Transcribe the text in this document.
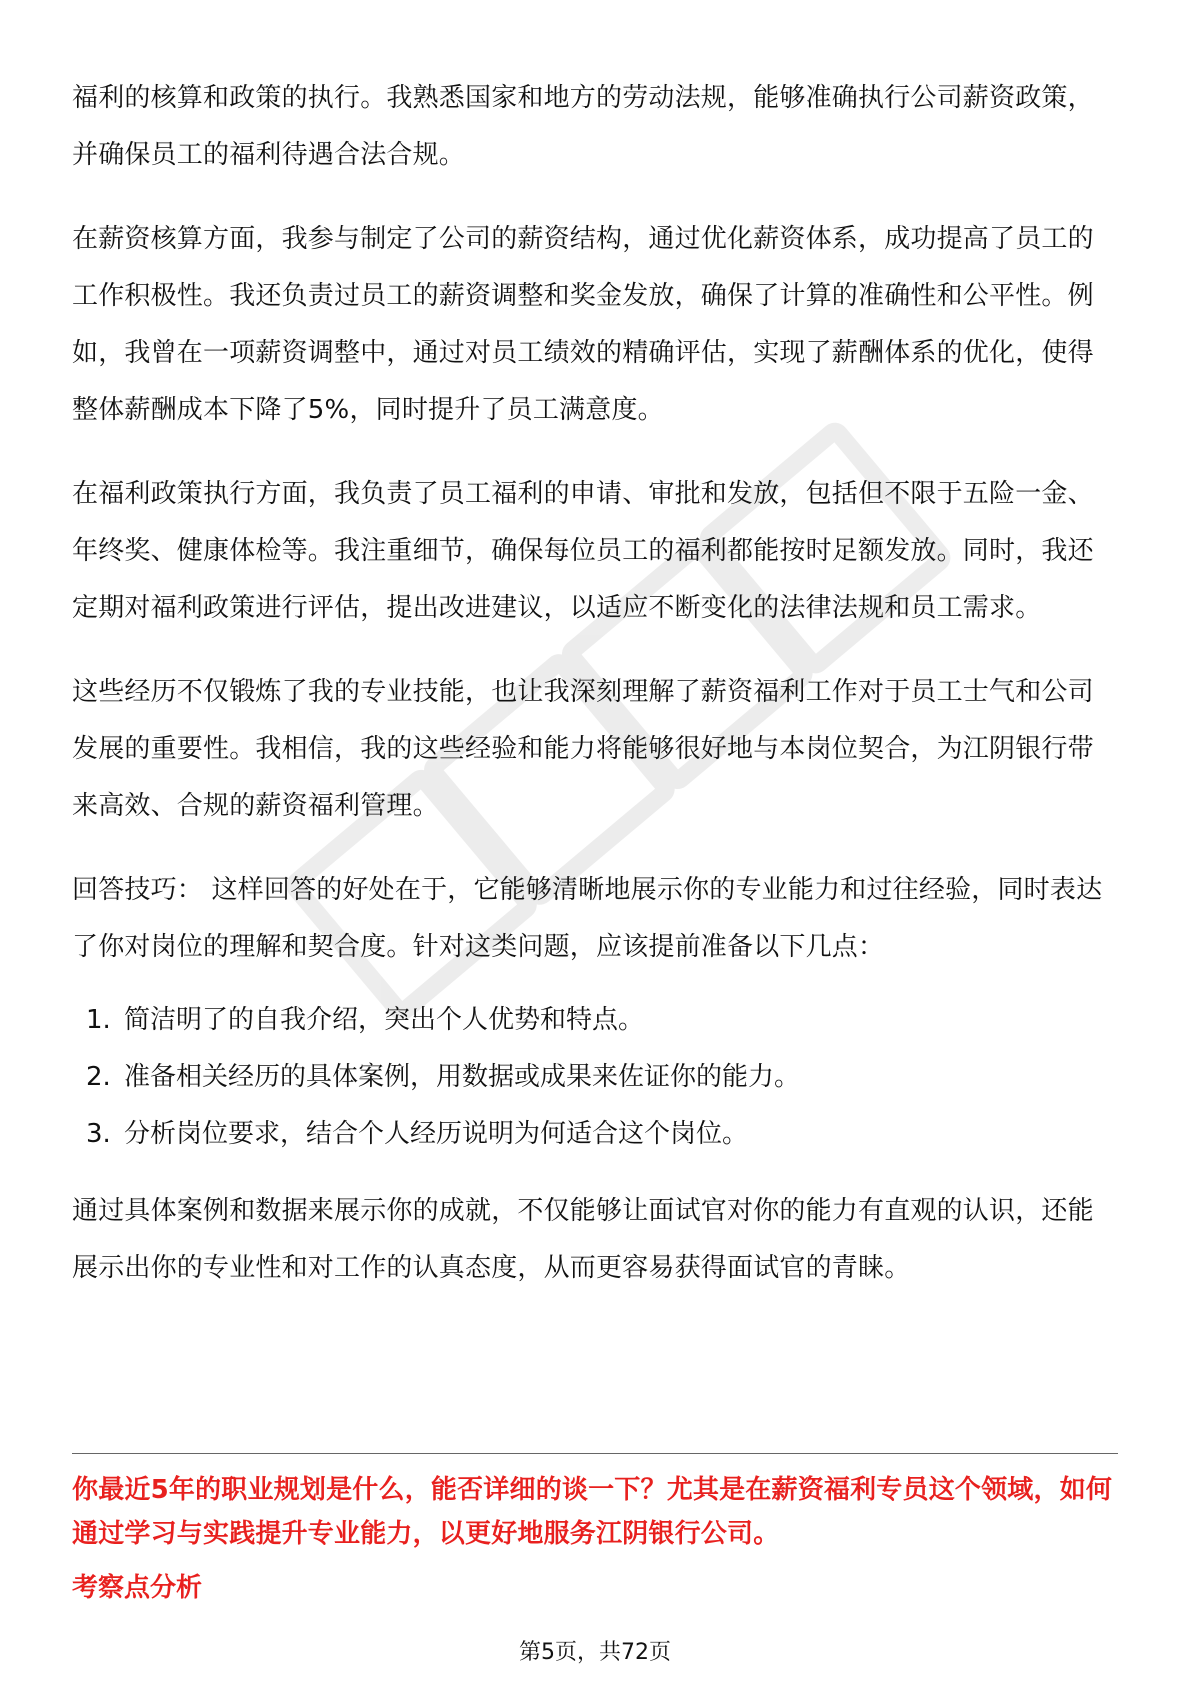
福利的核算和政策的执行。我熟悉国家和地方的劳动法规，能够准确执行公司薪资政策，并确保员工的福利待遇合法合规。

在薪资核算方面，我参与制定了公司的薪资结构，通过优化薪资体系，成功提高了员工的工作积极性。我还负责过员工的薪资调整和奖金发放，确保了计算的准确性和公平性。例如，我曾在一项薪资调整中，通过对员工绩效的精确评估，实现了薪酬体系的优化，使得整体薪酬成本下降了5%，同时提升了员工满意度。

在福利政策执行方面，我负责了员工福利的申请、审批和发放，包括但不限于五险一金、年终奖、健康体检等。我注重细节，确保每位员工的福利都能按时足额发放。同时，我还定期对福利政策进行评估，提出改进建议，以适应不断变化的法律法规和员工需求。

这些经历不仅锻炼了我的专业技能，也让我深刻理解了薪资福利工作对于员工士气和公司发展的重要性。我相信，我的这些经验和能力将能够很好地与本岗位契合，为江阴银行带来高效、合规的薪资福利管理。

回答技巧： 这样回答的好处在于，它能够清晰地展示你的专业能力和过往经验，同时表达了你对岗位的理解和契合度。针对这类问题，应该提前准备以下几点：

1. 简洁明了的自我介绍，突出个人优势和特点。
2. 准备相关经历的具体案例，用数据或成果来佐证你的能力。
3. 分析岗位要求，结合个人经历说明为何适合这个岗位。

通过具体案例和数据来展示你的成就，不仅能够让面试官对你的能力有直观的认识，还能展示出你的专业性和对工作的认真态度，从而更容易获得面试官的青睐。

你最近5年的职业规划是什么，能否详细的谈一下？尤其是在薪资福利专员这个领域，如何通过学习与实践提升专业能力，以更好地服务江阴银行公司。
考察点分析
第5页，共72页
